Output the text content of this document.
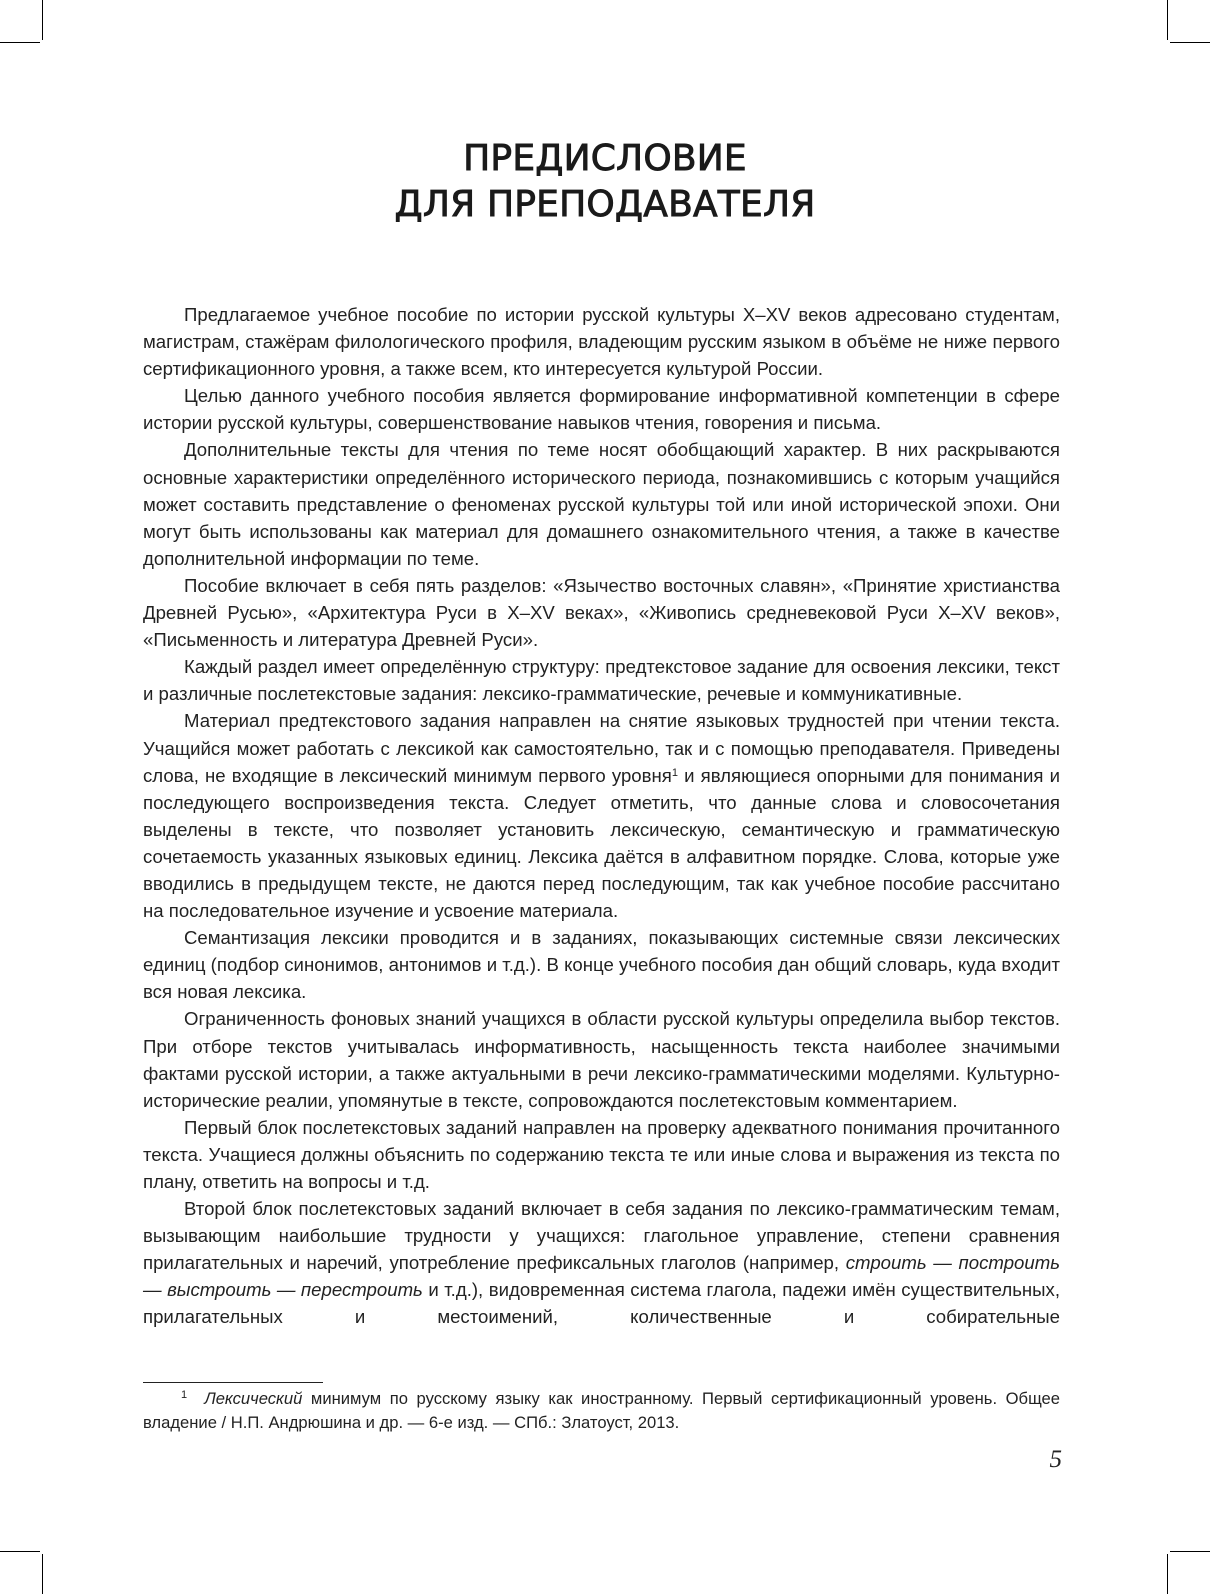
ПРЕДИСЛОВИЕ
ДЛЯ ПРЕПОДАВАТЕЛЯ

Предлагаемое учебное пособие по истории русской культуры X–XV веков адресовано студентам, магистрам, стажёрам филологического профиля, владеющим русским языком в объёме не ниже первого сертификационного уровня, а также всем, кто интересуется культурой России.

Целью данного учебного пособия является формирование информативной компетенции в сфере истории русской культуры, совершенствование навыков чтения, говорения и письма.

Дополнительные тексты для чтения по теме носят обобщающий характер. В них раскрываются основные характеристики определённого исторического периода, познакомившись с которым учащийся может составить представление о феноменах русской культуры той или иной исторической эпохи. Они могут быть использованы как материал для домашнего ознакомительного чтения, а также в качестве дополнительной информации по теме.

Пособие включает в себя пять разделов: «Язычество восточных славян», «Принятие христианства Древней Русью», «Архитектура Руси в X–XV веках», «Живопись средневековой Руси X–XV веков», «Письменность и литература Древней Руси».

Каждый раздел имеет определённую структуру: предтекстовое задание для освоения лексики, текст и различные послетекстовые задания: лексико-грамматические, речевые и коммуникативные.

Материал предтекстового задания направлен на снятие языковых трудностей при чтении текста. Учащийся может работать с лексикой как самостоятельно, так и с помощью преподавателя. Приведены слова, не входящие в лексический минимум первого уровня$^1$ и являющиеся опорными для понимания и последующего воспроизведения текста. Следует отметить, что данные слова и словосочетания выделены в тексте, что позволяет установить лексическую, семантическую и грамматическую сочетаемость указанных языковых единиц. Лексика даётся в алфавитном порядке. Слова, которые уже вводились в предыдущем тексте, не даются перед последующим, так как учебное пособие рассчитано на последовательное изучение и усвоение материала.

Семантизация лексики проводится и в заданиях, показывающих системные связи лексических единиц (подбор синонимов, антонимов и т.д.). В конце учебного пособия дан общий словарь, куда входит вся новая лексика.

Ограниченность фоновых знаний учащихся в области русской культуры определила выбор текстов. При отборе текстов учитывалась информативность, насыщенность текста наиболее значимыми фактами русской истории, а также актуальными в речи лексико-грамматическими моделями. Культурно-исторические реалии, упомянутые в тексте, сопровождаются послетекстовым комментарием.

Первый блок послетекстовых заданий направлен на проверку адекватного понимания прочитанного текста. Учащиеся должны объяснить по содержанию текста те или иные слова и выражения из текста по плану, ответить на вопросы и т.д.

Второй блок послетекстовых заданий включает в себя задания по лексико-грамматическим темам, вызывающим наибольшие трудности у учащихся: глагольное управление, степени сравнения прилагательных и наречий, употребление префиксальных глаголов (например, строить — построить — выстроить — перестроить и т.д.), видовременная система глагола, падежи имён существительных, прилагательных и местоимений, количественные и собирательные

$^1$ Лексический минимум по русскому языку как иностранному. Первый сертификационный уровень. Общее владение / Н.П. Андрюшина и др. — 6-е изд. — СПб.: Златоуст, 2013.

5
